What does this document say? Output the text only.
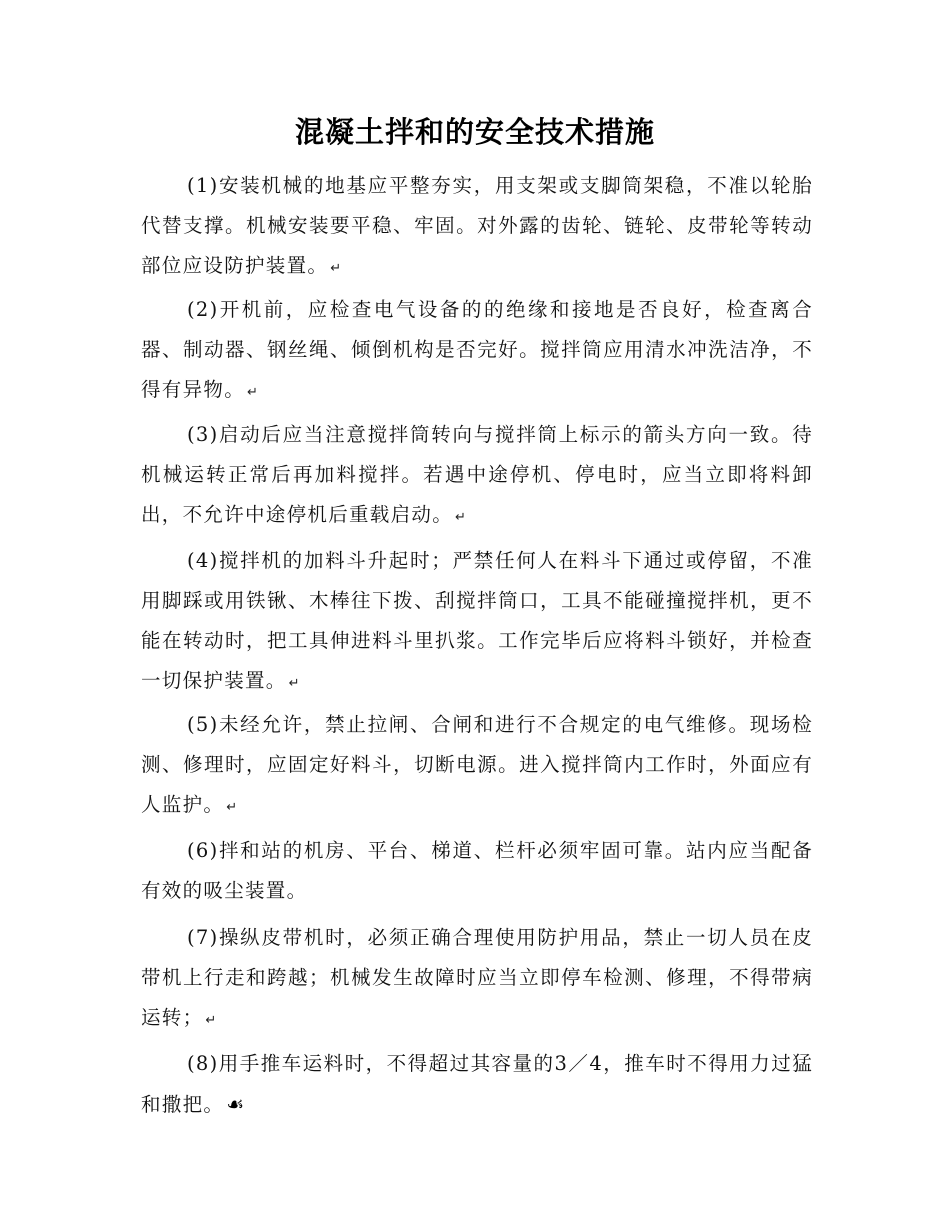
混凝土拌和的安全技术措施

(1)安装机械的地基应平整夯实，用支架或支脚筒架稳，不准以轮胎代替支撑。机械安装要平稳、牢固。对外露的齿轮、链轮、皮带轮等转动部位应设防护装置。 ↵

(2)开机前，应检查电气设备的的绝缘和接地是否良好，检查离合器、制动器、钢丝绳、倾倒机构是否完好。搅拌筒应用清水冲洗洁净，不得有异物。 ↵

(3)启动后应当注意搅拌筒转向与搅拌筒上标示的箭头方向一致。待机械运转正常后再加料搅拌。若遇中途停机、停电时，应当立即将料卸出，不允许中途停机后重载启动。 ↵

(4)搅拌机的加料斗升起时；严禁任何人在料斗下通过或停留，不准用脚踩或用铁锹、木棒往下拨、刮搅拌筒口，工具不能碰撞搅拌机，更不能在转动时，把工具伸进料斗里扒浆。工作完毕后应将料斗锁好，并检查一切保护装置。 ↵

(5)未经允许，禁止拉闸、合闸和进行不合规定的电气维修。现场检测、修理时，应固定好料斗，切断电源。进入搅拌筒内工作时，外面应有人监护。 ↵

(6)拌和站的机房、平台、梯道、栏杆必须牢固可靠。站内应当配备有效的吸尘装置。

(7)操纵皮带机时，必须正确合理使用防护用品，禁止一切人员在皮带机上行走和跨越；机械发生故障时应当立即停车检测、修理，不得带病运转； ↵

(8)用手推车运料时，不得超过其容量的3／4，推车时不得用力过猛和撒把。 ☙
